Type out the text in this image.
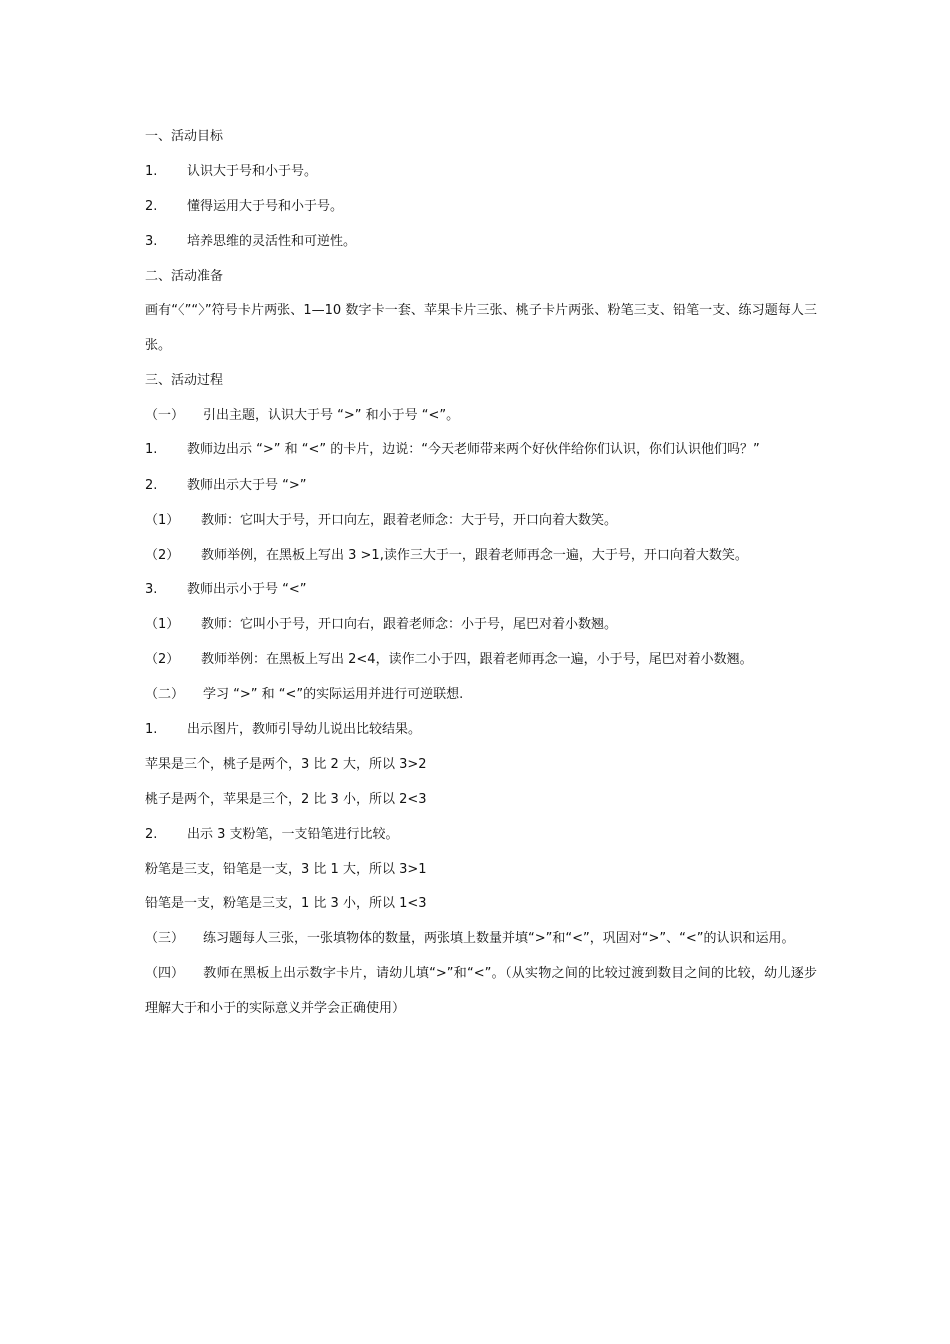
一、活动目标
1. 认识大于号和小于号。
2. 懂得运用大于号和小于号。
3. 培养思维的灵活性和可逆性。
二、活动准备
画有“〈”“〉”符号卡片两张、1—10 数字卡一套、苹果卡片三张、桃子卡片两张、粉笔三支、铅笔一支、练习题每人三张。
三、活动过程
（一） 引出主题，认识大于号 “>” 和小于号 “<”。
1. 教师边出示 “>” 和 “<” 的卡片，边说：“今天老师带来两个好伙伴给你们认识，你们认识他们吗？”
2. 教师出示大于号 “>”
（1） 教师：它叫大于号，开口向左，跟着老师念：大于号，开口向着大数笑。
（2） 教师举例，在黑板上写出 3 >1,读作三大于一，跟着老师再念一遍，大于号，开口向着大数笑。
3. 教师出示小于号 “<”
（1） 教师：它叫小于号，开口向右，跟着老师念：小于号，尾巴对着小数翘。
（2） 教师举例：在黑板上写出 2<4，读作二小于四，跟着老师再念一遍，小于号，尾巴对着小数翘。
（二） 学习 “>” 和 “<”的实际运用并进行可逆联想.
1. 出示图片，教师引导幼儿说出比较结果。
苹果是三个，桃子是两个，3 比 2 大，所以 3>2
桃子是两个，苹果是三个，2 比 3 小，所以 2<3
2. 出示 3 支粉笔，一支铅笔进行比较。
粉笔是三支，铅笔是一支，3 比 1 大，所以 3>1
铅笔是一支，粉笔是三支，1 比 3 小，所以 1<3
（三） 练习题每人三张，一张填物体的数量，两张填上数量并填“>”和“<”，巩固对“>”、“<”的认识和运用。
（四） 教师在黑板上出示数字卡片，请幼儿填“>”和“<”。（从实物之间的比较过渡到数目之间的比较，幼儿逐步理解大于和小于的实际意义并学会正确使用）
